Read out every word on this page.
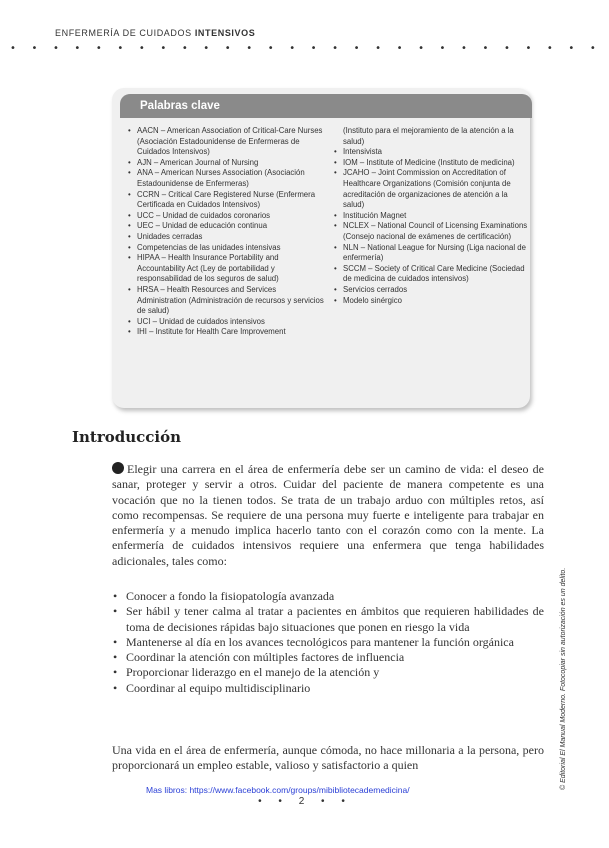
ENFERMERÍA DE CUIDADOS INTENSIVOS
• • • • • • • • • • • • • • • • • • • • • • • • • • • •
Palabras clave
• AACN – American Association of Critical-Care Nurses (Asociación Estadounidense de Enfermeras de Cuidados Intensivos)
• AJN – American Journal of Nursing
• ANA – American Nurses Association (Asociación Estadounidense de Enfermeras)
• CCRN – Critical Care Registered Nurse (Enfermera Certificada en Cuidados Intensivos)
• UCC – Unidad de cuidados coronarios
• UEC – Unidad de educación continua
• Unidades cerradas
• Competencias de las unidades intensivas
• HIPAA – Health Insurance Portability and Accountability Act (Ley de portabilidad y responsabilidad de los seguros de salud)
• HRSA – Health Resources and Services Administration (Administración de recursos y servicios de salud)
• UCI – Unidad de cuidados intensivos
• IHI – Institute for Health Care Improvement
(Instituto para el mejoramiento de la atención a la salud)
• Intensivista
• IOM – Institute of Medicine (Instituto de medicina)
• JCAHO – Joint Commission on Accreditation of Healthcare Organizations (Comisión conjunta de acreditación de organizaciones de atención a la salud)
• Institución Magnet
• NCLEX – National Council of Licensing Examinations (Consejo nacional de exámenes de certificación)
• NLN – National League for Nursing (Liga nacional de enfermería)
• SCCM – Society of Critical Care Medicine (Sociedad de medicina de cuidados intensivos)
• Servicios cerrados
• Modelo sinérgico
Introducción

Elegir una carrera en el área de enfermería debe ser un camino de vida: el deseo de sanar, proteger y servir a otros. Cuidar del paciente de manera competente es una vocación que no la tienen todos. Se trata de un trabajo arduo con múltiples retos, así como recompensas. Se requiere de una persona muy fuerte e inteligente para trabajar en enfermería y a menudo implica hacerlo tanto con el corazón como con la mente. La enfermería de cuidados intensivos requiere una enfermera que tenga habilidades adicionales, tales como:

• Conocer a fondo la fisiopatología avanzada
• Ser hábil y tener calma al tratar a pacientes en ámbitos que requieren habilidades de toma de decisiones rápidas bajo situaciones que ponen en riesgo la vida
• Mantenerse al día en los avances tecnológicos para mantener la función orgánica
• Coordinar la atención con múltiples factores de influencia
• Proporcionar liderazgo en el manejo de la atención y
• Coordinar al equipo multidisciplinario

Una vida en el área de enfermería, aunque cómoda, no hace millonaria a la persona, pero proporcionará un empleo estable, valioso y satisfactorio a quien

Mas libros: https://www.facebook.com/groups/mibibliotecademedicina/
• • 2 • •
© Editorial El Manual Moderno. Fotocopiar sin autorización es un delito.
